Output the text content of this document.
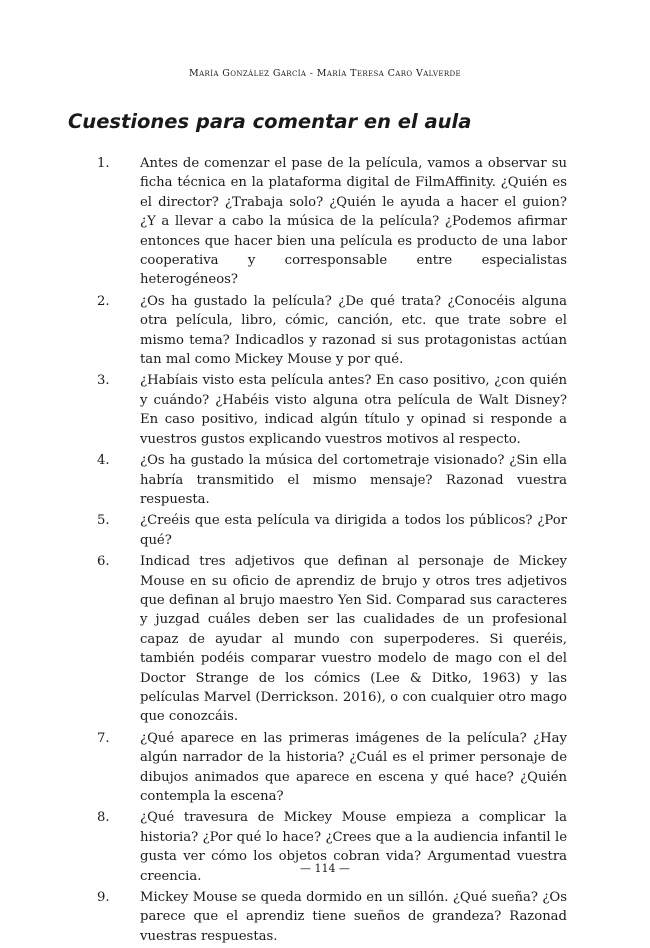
María González García - María Teresa Caro Valverde
Cuestiones para comentar en el aula
1.	Antes de comenzar el pase de la película, vamos a observar su ficha técnica en la plataforma digital de FilmAffinity. ¿Quién es el director? ¿Trabaja solo? ¿Quién le ayuda a hacer el guion? ¿Y a llevar a cabo la música de la película? ¿Podemos afirmar entonces que hacer bien una película es producto de una labor cooperativa y corresponsable entre especialistas heterogéneos?
2.	¿Os ha gustado la película? ¿De qué trata? ¿Conocéis alguna otra película, libro, cómic, canción, etc. que trate sobre el mismo tema? Indicadlos y razonad si sus protagonistas actúan tan mal como Mickey Mouse y por qué.
3.	¿Habíais visto esta película antes? En caso positivo, ¿con quién y cuándo? ¿Habéis visto alguna otra película de Walt Disney? En caso positivo, indicad algún título y opinad si responde a vuestros gustos explicando vuestros motivos al respecto.
4.	¿Os ha gustado la música del cortometraje visionado? ¿Sin ella habría transmitido el mismo mensaje? Razonad vuestra respuesta.
5.	¿Creéis que esta película va dirigida a todos los públicos? ¿Por qué?
6.	Indicad tres adjetivos que definan al personaje de Mickey Mouse en su oficio de aprendiz de brujo y otros tres adjetivos que definan al brujo maestro Yen Sid. Comparad sus caracteres y juzgad cuáles deben ser las cualidades de un profesional capaz de ayudar al mundo con superpoderes. Si queréis, también podéis comparar vuestro modelo de mago con el del Doctor Strange de los cómics (Lee & Ditko, 1963) y las películas Marvel (Derrickson. 2016), o con cualquier otro mago que conozcáis.
7.	¿Qué aparece en las primeras imágenes de la película? ¿Hay algún narrador de la historia? ¿Cuál es el primer personaje de dibujos animados que aparece en escena y qué hace? ¿Quién contempla la escena?
8.	¿Qué travesura de Mickey Mouse empieza a complicar la historia? ¿Por qué lo hace? ¿Crees que a la audiencia infantil le gusta ver cómo los objetos cobran vida? Argumentad vuestra creencia.
9.	Mickey Mouse se queda dormido en un sillón. ¿Qué sueña? ¿Os parece que el aprendiz tiene sueños de grandeza? Razonad vuestras respuestas.
— 114 —
